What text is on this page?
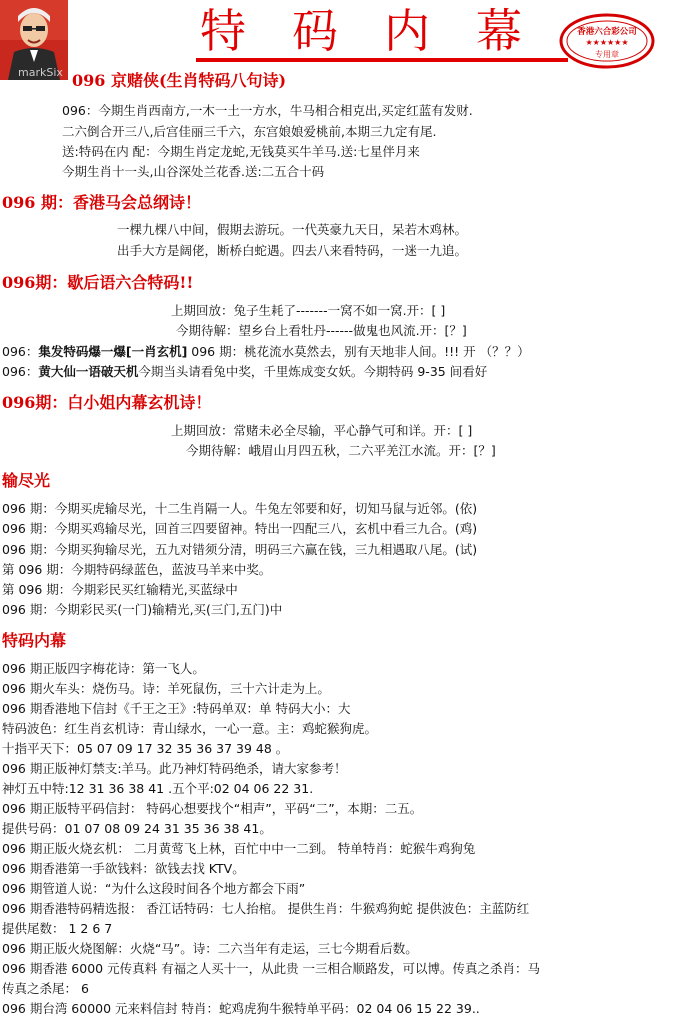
markSix
特码内幕 香港六合彩公司
★★★★★★
专用章
096 京赌侠(生肖特码八句诗)
096：今期生肖西南方,一木一土一方水，牛马相合相克出,买定红蓝有发财.
二六倒合开三八,后宫佳丽三千六，东宫娘娘爱桃前,本期三九定有尾.
送:特码在内 配：今期生肖定龙蛇,无钱莫买牛羊马.送:七星伴月来
今期生肖十一头,山谷深处兰花香.送:二五合十码
096 期：香港马会总纲诗！
一棵九棵八中间，假期去游玩。一代英豪九天日，呆若木鸡林。
出手大方是阔佬，断桥白蛇遇。四去八来看特码，一迷一九追。
096期：歇后语六合特码!!
上期回放：兔子生耗了-------一窝不如一窝.开：[ ]
今期待解：望乡台上看牡丹------做鬼也风流.开：[？]
096：集发特码爆一爆[一肖玄机] 096 期：桃花流水莫然去，别有天地非人间。!!! 开 （？？）
096：黄大仙一语破天机今期当头请看兔中奖，千里炼成变女妖。今期特码 9-35 间看好
096期：白小姐内幕玄机诗！
上期回放：常赌未必全尽输，平心静气可和详。开：[ ]
今期待解：峨眉山月四五秋，二六平羌江水流。开：[？]
输尽光
096 期：今期买虎输尽光，十二生肖隔一人。牛兔左邻要和好，切知马鼠与近邻。(依)
096 期：今期买鸡输尽光，回首三四要留神。特出一四配三八，玄机中看三九合。(鸡)
096 期：今期买狗输尽光，五九对错须分清，明码三六赢在钱，三九相遇取八尾。(试)
第 096 期：今期特码绿蓝色，蓝波马羊来中奖。
第 096 期：今期彩民买红输精光,买蓝绿中
096 期：今期彩民买(一门)输精光,买(三门,五门)中
特码内幕
096 期正版四字梅花诗：第一飞人。
096 期火车头：烧伤马。诗：羊死鼠伤，三十六计走为上。
096 期香港地下信封《千王之王》:特码单双：单 特码大小：大
特码波色：红生肖玄机诗：青山绿水，一心一意。主：鸡蛇猴狗虎。
十指平天下：05 07 09 17 32 35 36 37 39 48 。
096 期正版神灯禁支:羊马。此乃神灯特码绝杀，请大家参考！
神灯五中特:12 31 36 38 41 .五个平:02 04 06 22 31.
096 期正版特平码信封： 特码心想要找个“相声”，平码“二”，本期：二五。
提供号码：01 07 08 09 24 31 35 36 38 41。
096 期正版火烧玄机： 二月黄莺飞上林，百忙中中一二到。 特单特肖：蛇猴牛鸡狗兔
096 期香港第一手欲钱料：欲钱去找 KTV。
096 期管道人说：“为什么这段时间各个地方都会下雨”
096 期香港特码精选报： 香江话特码：七人抬棺。 提供生肖：牛猴鸡狗蛇 提供波色：主蓝防红
提供尾数： 1 2 6 7
096 期正版火烧图解：火烧“马”。诗：二六当年有走运，三七今期看后数。
096 期香港 6000 元传真料 有福之人买十一，从此贵 一三相合顺路发，可以博。传真之杀肖：马
传真之杀尾： 6
096 期台湾 60000 元来料信封 特肖：蛇鸡虎狗牛猴特单平码：02 04 06 15 22 39..
